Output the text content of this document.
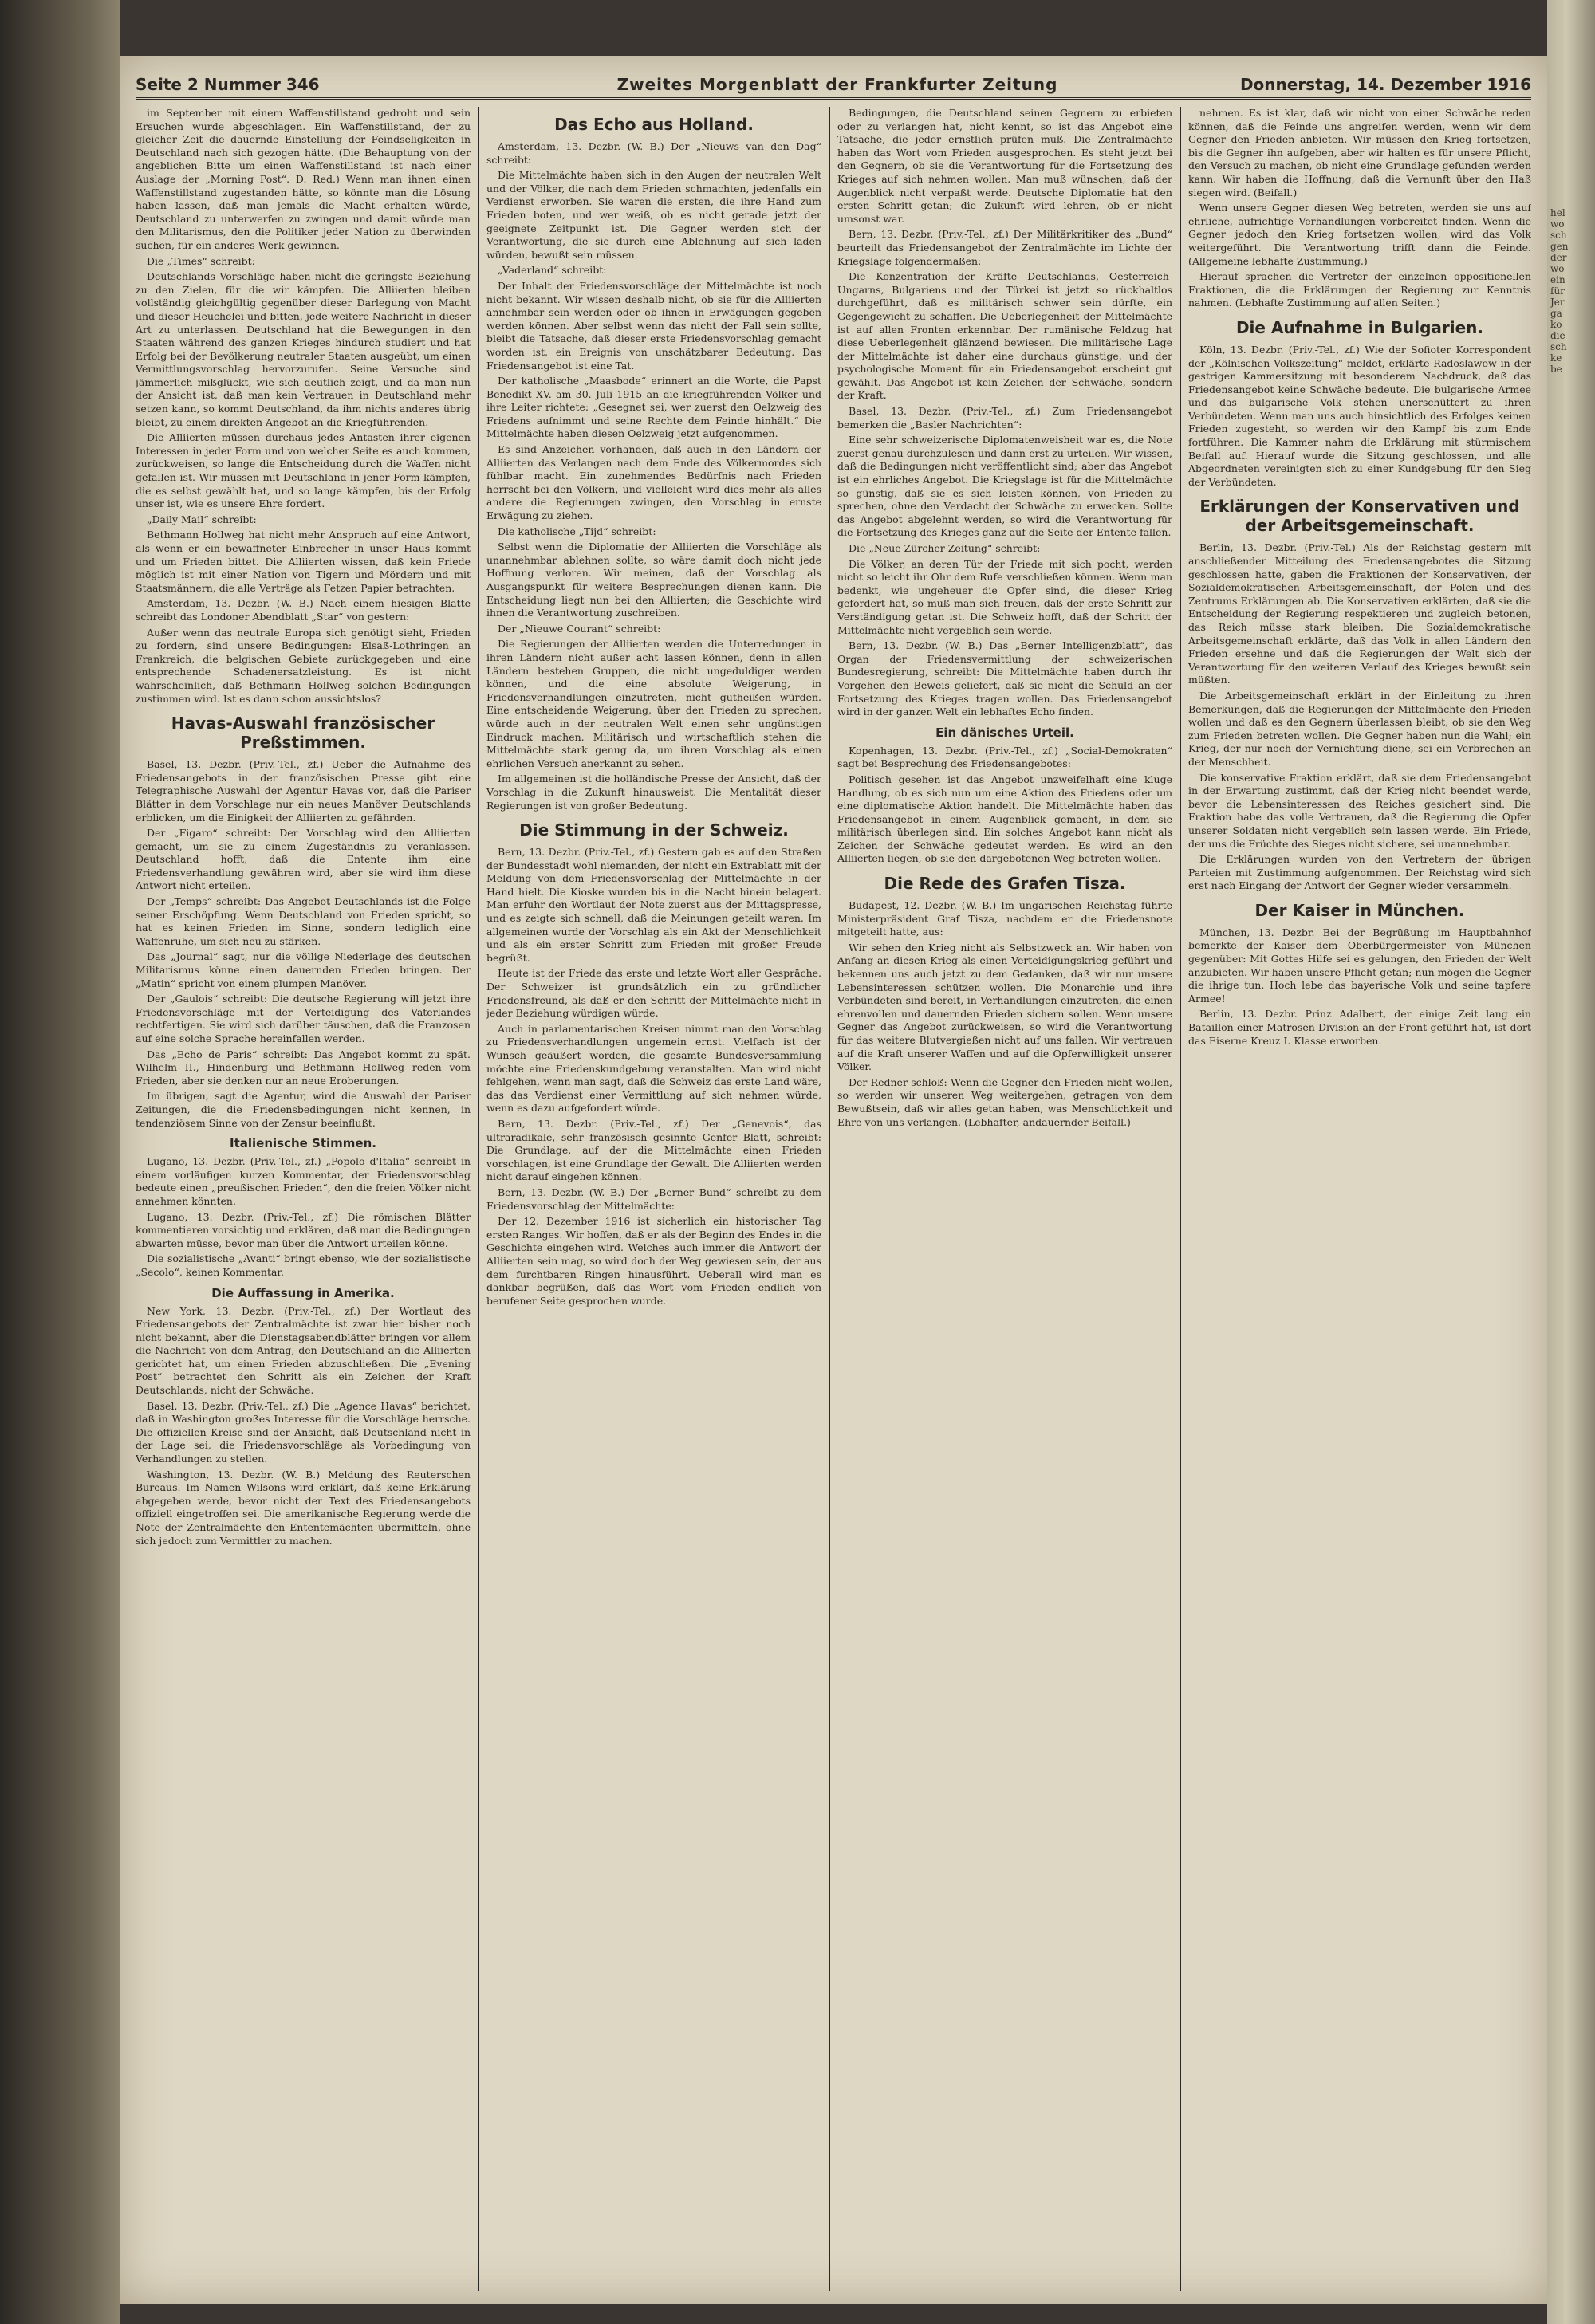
hel
wo
sch
gen
der
wo
ein
für
Jer
ga
ko
die
sch
ke
be
Seite 2 Nummer 346	Zweites Morgenblatt der Frankfurter Zeitung	Donnerstag, 14. Dezember 1916

im September mit einem Waffenstillstand gedroht und sein Ersuchen wurde abgeschlagen. Ein Waffenstillstand, der zu gleicher Zeit die dauernde Einstellung der Feindseligkeiten in Deutschland nach sich gezogen hätte. (Die Behauptung von der angeblichen Bitte um einen Waffenstillstand ist nach einer Auslage der „Morning Post“. D. Red.) Wenn man ihnen einen Waffenstillstand zugestanden hätte, so könnte man die Lösung haben lassen, daß man jemals die Macht erhalten würde, Deutschland zu unterwerfen zu zwingen und damit würde man den Militarismus, den die Politiker jeder Nation zu überwinden suchen, für ein anderes Werk gewinnen.

Die „Times“ schreibt:

Deutschlands Vorschläge haben nicht die geringste Beziehung zu den Zielen, für die wir kämpfen. Die Alliierten bleiben vollständig gleichgültig gegenüber dieser Darlegung von Macht und dieser Heuchelei und bitten, jede weitere Nachricht in dieser Art zu unterlassen. Deutschland hat die Bewegungen in den Staaten während des ganzen Krieges hindurch studiert und hat Erfolg bei der Bevölkerung neutraler Staaten ausgeübt, um einen Vermittlungsvorschlag hervorzurufen. Seine Versuche sind jämmerlich mißglückt, wie sich deutlich zeigt, und da man nun der Ansicht ist, daß man kein Vertrauen in Deutschland mehr setzen kann, so kommt Deutschland, da ihm nichts anderes übrig bleibt, zu einem direkten Angebot an die Kriegführenden.

Die Alliierten müssen durchaus jedes Antasten ihrer eigenen Interessen in jeder Form und von welcher Seite es auch kommen, zurückweisen, so lange die Entscheidung durch die Waffen nicht gefallen ist. Wir müssen mit Deutschland in jener Form kämpfen, die es selbst gewählt hat, und so lange kämpfen, bis der Erfolg unser ist, wie es unsere Ehre fordert.

„Daily Mail“ schreibt:

Bethmann Hollweg hat nicht mehr Anspruch auf eine Antwort, als wenn er ein bewaffneter Einbrecher in unser Haus kommt und um Frieden bittet. Die Alliierten wissen, daß kein Friede möglich ist mit einer Nation von Tigern und Mördern und mit Staatsmännern, die alle Verträge als Fetzen Papier betrachten.

Amsterdam, 13. Dezbr. (W. B.) Nach einem hiesigen Blatte schreibt das Londoner Abendblatt „Star“ von gestern:

Außer wenn das neutrale Europa sich genötigt sieht, Frieden zu fordern, sind unsere Bedingungen: Elsaß-Lothringen an Frankreich, die belgischen Gebiete zurückgegeben und eine entsprechende Schadenersatzleistung. Es ist nicht wahrscheinlich, daß Bethmann Hollweg solchen Bedingungen zustimmen wird. Ist es dann schon aussichtslos?

Havas-Auswahl französischer Preßstimmen.

Basel, 13. Dezbr. (Priv.-Tel., zf.) Ueber die Aufnahme des Friedensangebots in der französischen Presse gibt eine Telegraphische Auswahl der Agentur Havas vor, daß die Pariser Blätter in dem Vorschlage nur ein neues Manöver Deutschlands erblicken, um die Einigkeit der Alliierten zu gefährden.

Der „Figaro“ schreibt: Der Vorschlag wird den Alliierten gemacht, um sie zu einem Zugeständnis zu veranlassen. Deutschland hofft, daß die Entente ihm eine Friedensverhandlung gewähren wird, aber sie wird ihm diese Antwort nicht erteilen.

Der „Temps“ schreibt: Das Angebot Deutschlands ist die Folge seiner Erschöpfung. Wenn Deutschland von Frieden spricht, so hat es keinen Frieden im Sinne, sondern lediglich eine Waffenruhe, um sich neu zu stärken.

Das „Journal“ sagt, nur die völlige Niederlage des deutschen Militarismus könne einen dauernden Frieden bringen. Der „Matin“ spricht von einem plumpen Manöver.

Der „Gaulois“ schreibt: Die deutsche Regierung will jetzt ihre Friedensvorschläge mit der Verteidigung des Vaterlandes rechtfertigen. Sie wird sich darüber täuschen, daß die Franzosen auf eine solche Sprache hereinfallen werden.

Das „Echo de Paris“ schreibt: Das Angebot kommt zu spät. Wilhelm II., Hindenburg und Bethmann Hollweg reden vom Frieden, aber sie denken nur an neue Eroberungen.

Im übrigen, sagt die Agentur, wird die Auswahl der Pariser Zeitungen, die die Friedensbedingungen nicht kennen, in tendenziösem Sinne von der Zensur beeinflußt.

Italienische Stimmen.

Lugano, 13. Dezbr. (Priv.-Tel., zf.) „Popolo d'Italia“ schreibt in einem vorläufigen kurzen Kommentar, der Friedensvorschlag bedeute einen „preußischen Frieden“, den die freien Völker nicht annehmen könnten.

Lugano, 13. Dezbr. (Priv.-Tel., zf.) Die römischen Blätter kommentieren vorsichtig und erklären, daß man die Bedingungen abwarten müsse, bevor man über die Antwort urteilen könne.

Die sozialistische „Avanti“ bringt ebenso, wie der sozialistische „Secolo“, keinen Kommentar.

Die Auffassung in Amerika.

New York, 13. Dezbr. (Priv.-Tel., zf.) Der Wortlaut des Friedensangebots der Zentralmächte ist zwar hier bisher noch nicht bekannt, aber die Dienstagsabendblätter bringen vor allem die Nachricht von dem Antrag, den Deutschland an die Alliierten gerichtet hat, um einen Frieden abzuschließen. Die „Evening Post“ betrachtet den Schritt als ein Zeichen der Kraft Deutschlands, nicht der Schwäche.

Basel, 13. Dezbr. (Priv.-Tel., zf.) Die „Agence Havas“ berichtet, daß in Washington großes Interesse für die Vorschläge herrsche. Die offiziellen Kreise sind der Ansicht, daß Deutschland nicht in der Lage sei, die Friedensvorschläge als Vorbedingung von Verhandlungen zu stellen.

Washington, 13. Dezbr. (W. B.) Meldung des Reuterschen Bureaus. Im Namen Wilsons wird erklärt, daß keine Erklärung abgegeben werde, bevor nicht der Text des Friedensangebots offiziell eingetroffen sei. Die amerikanische Regierung werde die Note der Zentralmächte den Ententemächten übermitteln, ohne sich jedoch zum Vermittler zu machen.

Das Echo aus Holland.

Amsterdam, 13. Dezbr. (W. B.) Der „Nieuws van den Dag“ schreibt:

Die Mittelmächte haben sich in den Augen der neutralen Welt und der Völker, die nach dem Frieden schmachten, jedenfalls ein Verdienst erworben. Sie waren die ersten, die ihre Hand zum Frieden boten, und wer weiß, ob es nicht gerade jetzt der geeignete Zeitpunkt ist. Die Gegner werden sich der Verantwortung, die sie durch eine Ablehnung auf sich laden würden, bewußt sein müssen.

„Vaderland“ schreibt:

Der Inhalt der Friedensvorschläge der Mittelmächte ist noch nicht bekannt. Wir wissen deshalb nicht, ob sie für die Alliierten annehmbar sein werden oder ob ihnen in Erwägungen gegeben werden können. Aber selbst wenn das nicht der Fall sein sollte, bleibt die Tatsache, daß dieser erste Friedensvorschlag gemacht worden ist, ein Ereignis von unschätzbarer Bedeutung. Das Friedensangebot ist eine Tat.

Der katholische „Maasbode“ erinnert an die Worte, die Papst Benedikt XV. am 30. Juli 1915 an die kriegführenden Völker und ihre Leiter richtete: „Gesegnet sei, wer zuerst den Oelzweig des Friedens aufnimmt und seine Rechte dem Feinde hinhält.“ Die Mittelmächte haben diesen Oelzweig jetzt aufgenommen.

Es sind Anzeichen vorhanden, daß auch in den Ländern der Alliierten das Verlangen nach dem Ende des Völkermordes sich fühlbar macht. Ein zunehmendes Bedürfnis nach Frieden herrscht bei den Völkern, und vielleicht wird dies mehr als alles andere die Regierungen zwingen, den Vorschlag in ernste Erwägung zu ziehen.

Die katholische „Tijd“ schreibt:

Selbst wenn die Diplomatie der Alliierten die Vorschläge als unannehmbar ablehnen sollte, so wäre damit doch nicht jede Hoffnung verloren. Wir meinen, daß der Vorschlag als Ausgangspunkt für weitere Besprechungen dienen kann. Die Entscheidung liegt nun bei den Alliierten; die Geschichte wird ihnen die Verantwortung zuschreiben.

Der „Nieuwe Courant“ schreibt:

Die Regierungen der Alliierten werden die Unterredungen in ihren Ländern nicht außer acht lassen können, denn in allen Ländern bestehen Gruppen, die nicht ungeduldiger werden können, und die eine absolute Weigerung, in Friedensverhandlungen einzutreten, nicht gutheißen würden. Eine entscheidende Weigerung, über den Frieden zu sprechen, würde auch in der neutralen Welt einen sehr ungünstigen Eindruck machen. Militärisch und wirtschaftlich stehen die Mittelmächte stark genug da, um ihren Vorschlag als einen ehrlichen Versuch anerkannt zu sehen.

Im allgemeinen ist die holländische Presse der Ansicht, daß der Vorschlag in die Zukunft hinausweist. Die Mentalität dieser Regierungen ist von großer Bedeutung.

Die Stimmung in der Schweiz.

Bern, 13. Dezbr. (Priv.-Tel., zf.) Gestern gab es auf den Straßen der Bundesstadt wohl niemanden, der nicht ein Extrablatt mit der Meldung von dem Friedensvorschlag der Mittelmächte in der Hand hielt. Die Kioske wurden bis in die Nacht hinein belagert. Man erfuhr den Wortlaut der Note zuerst aus der Mittagspresse, und es zeigte sich schnell, daß die Meinungen geteilt waren. Im allgemeinen wurde der Vorschlag als ein Akt der Menschlichkeit und als ein erster Schritt zum Frieden mit großer Freude begrüßt.

Heute ist der Friede das erste und letzte Wort aller Gespräche. Der Schweizer ist grundsätzlich ein zu gründlicher Friedensfreund, als daß er den Schritt der Mittelmächte nicht in jeder Beziehung würdigen würde.

Auch in parlamentarischen Kreisen nimmt man den Vorschlag zu Friedensverhandlungen ungemein ernst. Vielfach ist der Wunsch geäußert worden, die gesamte Bundesversammlung möchte eine Friedenskundgebung veranstalten. Man wird nicht fehlgehen, wenn man sagt, daß die Schweiz das erste Land wäre, das das Verdienst einer Vermittlung auf sich nehmen würde, wenn es dazu aufgefordert würde.

Bern, 13. Dezbr. (Priv.-Tel., zf.) Der „Genevois“, das ultraradikale, sehr französisch gesinnte Genfer Blatt, schreibt: Die Grundlage, auf der die Mittelmächte einen Frieden vorschlagen, ist eine Grundlage der Gewalt. Die Alliierten werden nicht darauf eingehen können.

Bern, 13. Dezbr. (W. B.) Der „Berner Bund“ schreibt zu dem Friedensvorschlag der Mittelmächte:

Der 12. Dezember 1916 ist sicherlich ein historischer Tag ersten Ranges. Wir hoffen, daß er als der Beginn des Endes in die Geschichte eingehen wird. Welches auch immer die Antwort der Alliierten sein mag, so wird doch der Weg gewiesen sein, der aus dem furchtbaren Ringen hinausführt. Ueberall wird man es dankbar begrüßen, daß das Wort vom Frieden endlich von berufener Seite gesprochen wurde.

Bedingungen, die Deutschland seinen Gegnern zu erbieten oder zu verlangen hat, nicht kennt, so ist das Angebot eine Tatsache, die jeder ernstlich prüfen muß. Die Zentralmächte haben das Wort vom Frieden ausgesprochen. Es steht jetzt bei den Gegnern, ob sie die Verantwortung für die Fortsetzung des Krieges auf sich nehmen wollen. Man muß wünschen, daß der Augenblick nicht verpaßt werde. Deutsche Diplomatie hat den ersten Schritt getan; die Zukunft wird lehren, ob er nicht umsonst war.

Bern, 13. Dezbr. (Priv.-Tel., zf.) Der Militärkritiker des „Bund“ beurteilt das Friedensangebot der Zentralmächte im Lichte der Kriegslage folgendermaßen:

Die Konzentration der Kräfte Deutschlands, Oesterreich-Ungarns, Bulgariens und der Türkei ist jetzt so rückhaltlos durchgeführt, daß es militärisch schwer sein dürfte, ein Gegengewicht zu schaffen. Die Ueberlegenheit der Mittelmächte ist auf allen Fronten erkennbar. Der rumänische Feldzug hat diese Ueberlegenheit glänzend bewiesen. Die militärische Lage der Mittelmächte ist daher eine durchaus günstige, und der psychologische Moment für ein Friedensangebot erscheint gut gewählt. Das Angebot ist kein Zeichen der Schwäche, sondern der Kraft.

Basel, 13. Dezbr. (Priv.-Tel., zf.) Zum Friedensangebot bemerken die „Basler Nachrichten“:

Eine sehr schweizerische Diplomatenweisheit war es, die Note zuerst genau durchzulesen und dann erst zu urteilen. Wir wissen, daß die Bedingungen nicht veröffentlicht sind; aber das Angebot ist ein ehrliches Angebot. Die Kriegslage ist für die Mittelmächte so günstig, daß sie es sich leisten können, von Frieden zu sprechen, ohne den Verdacht der Schwäche zu erwecken. Sollte das Angebot abgelehnt werden, so wird die Verantwortung für die Fortsetzung des Krieges ganz auf die Seite der Entente fallen.

Die „Neue Zürcher Zeitung“ schreibt:

Die Völker, an deren Tür der Friede mit sich pocht, werden nicht so leicht ihr Ohr dem Rufe verschließen können. Wenn man bedenkt, wie ungeheuer die Opfer sind, die dieser Krieg gefordert hat, so muß man sich freuen, daß der erste Schritt zur Verständigung getan ist. Die Schweiz hofft, daß der Schritt der Mittelmächte nicht vergeblich sein werde.

Bern, 13. Dezbr. (W. B.) Das „Berner Intelligenzblatt“, das Organ der Friedensvermittlung der schweizerischen Bundesregierung, schreibt: Die Mittelmächte haben durch ihr Vorgehen den Beweis geliefert, daß sie nicht die Schuld an der Fortsetzung des Krieges tragen wollen. Das Friedensangebot wird in der ganzen Welt ein lebhaftes Echo finden.

Ein dänisches Urteil.

Kopenhagen, 13. Dezbr. (Priv.-Tel., zf.) „Social-Demokraten“ sagt bei Besprechung des Friedensangebotes:

Politisch gesehen ist das Angebot unzweifelhaft eine kluge Handlung, ob es sich nun um eine Aktion des Friedens oder um eine diplomatische Aktion handelt. Die Mittelmächte haben das Friedensangebot in einem Augenblick gemacht, in dem sie militärisch überlegen sind. Ein solches Angebot kann nicht als Zeichen der Schwäche gedeutet werden. Es wird an den Alliierten liegen, ob sie den dargebotenen Weg betreten wollen.

Die Rede des Grafen Tisza.

Budapest, 12. Dezbr. (W. B.) Im ungarischen Reichstag führte Ministerpräsident Graf Tisza, nachdem er die Friedensnote mitgeteilt hatte, aus:

Wir sehen den Krieg nicht als Selbstzweck an. Wir haben von Anfang an diesen Krieg als einen Verteidigungskrieg geführt und bekennen uns auch jetzt zu dem Gedanken, daß wir nur unsere Lebensinteressen schützen wollen. Die Monarchie und ihre Verbündeten sind bereit, in Verhandlungen einzutreten, die einen ehrenvollen und dauernden Frieden sichern sollen. Wenn unsere Gegner das Angebot zurückweisen, so wird die Verantwortung für das weitere Blutvergießen nicht auf uns fallen. Wir vertrauen auf die Kraft unserer Waffen und auf die Opferwilligkeit unserer Völker.

Der Redner schloß: Wenn die Gegner den Frieden nicht wollen, so werden wir unseren Weg weitergehen, getragen von dem Bewußtsein, daß wir alles getan haben, was Menschlichkeit und Ehre von uns verlangen. (Lebhafter, andauernder Beifall.)

nehmen. Es ist klar, daß wir nicht von einer Schwäche reden können, daß die Feinde uns angreifen werden, wenn wir dem Gegner den Frieden anbieten. Wir müssen den Krieg fortsetzen, bis die Gegner ihn aufgeben, aber wir halten es für unsere Pflicht, den Versuch zu machen, ob nicht eine Grundlage gefunden werden kann. Wir haben die Hoffnung, daß die Vernunft über den Haß siegen wird. (Beifall.)

Wenn unsere Gegner diesen Weg betreten, werden sie uns auf ehrliche, aufrichtige Verhandlungen vorbereitet finden. Wenn die Gegner jedoch den Krieg fortsetzen wollen, wird das Volk weitergeführt. Die Verantwortung trifft dann die Feinde. (Allgemeine lebhafte Zustimmung.)

Hierauf sprachen die Vertreter der einzelnen oppositionellen Fraktionen, die die Erklärungen der Regierung zur Kenntnis nahmen. (Lebhafte Zustimmung auf allen Seiten.)

Die Aufnahme in Bulgarien.

Köln, 13. Dezbr. (Priv.-Tel., zf.) Wie der Sofioter Korrespondent der „Kölnischen Volkszeitung“ meldet, erklärte Radoslawow in der gestrigen Kammersitzung mit besonderem Nachdruck, daß das Friedensangebot keine Schwäche bedeute. Die bulgarische Armee und das bulgarische Volk stehen unerschüttert zu ihren Verbündeten. Wenn man uns auch hinsichtlich des Erfolges keinen Frieden zugesteht, so werden wir den Kampf bis zum Ende fortführen. Die Kammer nahm die Erklärung mit stürmischem Beifall auf. Hierauf wurde die Sitzung geschlossen, und alle Abgeordneten vereinigten sich zu einer Kundgebung für den Sieg der Verbündeten.

Erklärungen der Konservativen und der Arbeitsgemeinschaft.

Berlin, 13. Dezbr. (Priv.-Tel.) Als der Reichstag gestern mit anschließender Mitteilung des Friedensangebotes die Sitzung geschlossen hatte, gaben die Fraktionen der Konservativen, der Sozialdemokratischen Arbeitsgemeinschaft, der Polen und des Zentrums Erklärungen ab. Die Konservativen erklärten, daß sie die Entscheidung der Regierung respektieren und zugleich betonen, das Reich müsse stark bleiben. Die Sozialdemokratische Arbeitsgemeinschaft erklärte, daß das Volk in allen Ländern den Frieden ersehne und daß die Regierungen der Welt sich der Verantwortung für den weiteren Verlauf des Krieges bewußt sein müßten.

Die Arbeitsgemeinschaft erklärt in der Einleitung zu ihren Bemerkungen, daß die Regierungen der Mittelmächte den Frieden wollen und daß es den Gegnern überlassen bleibt, ob sie den Weg zum Frieden betreten wollen. Die Gegner haben nun die Wahl; ein Krieg, der nur noch der Vernichtung diene, sei ein Verbrechen an der Menschheit.

Die konservative Fraktion erklärt, daß sie dem Friedensangebot in der Erwartung zustimmt, daß der Krieg nicht beendet werde, bevor die Lebensinteressen des Reiches gesichert sind. Die Fraktion habe das volle Vertrauen, daß die Regierung die Opfer unserer Soldaten nicht vergeblich sein lassen werde. Ein Friede, der uns die Früchte des Sieges nicht sichere, sei unannehmbar.

Die Erklärungen wurden von den Vertretern der übrigen Parteien mit Zustimmung aufgenommen. Der Reichstag wird sich erst nach Eingang der Antwort der Gegner wieder versammeln.

Der Kaiser in München.

München, 13. Dezbr. Bei der Begrüßung im Hauptbahnhof bemerkte der Kaiser dem Oberbürgermeister von München gegenüber: Mit Gottes Hilfe sei es gelungen, den Frieden der Welt anzubieten. Wir haben unsere Pflicht getan; nun mögen die Gegner die ihrige tun. Hoch lebe das bayerische Volk und seine tapfere Armee!

Berlin, 13. Dezbr. Prinz Adalbert, der einige Zeit lang ein Bataillon einer Matrosen-Division an der Front geführt hat, ist dort das Eiserne Kreuz I. Klasse erworben.
